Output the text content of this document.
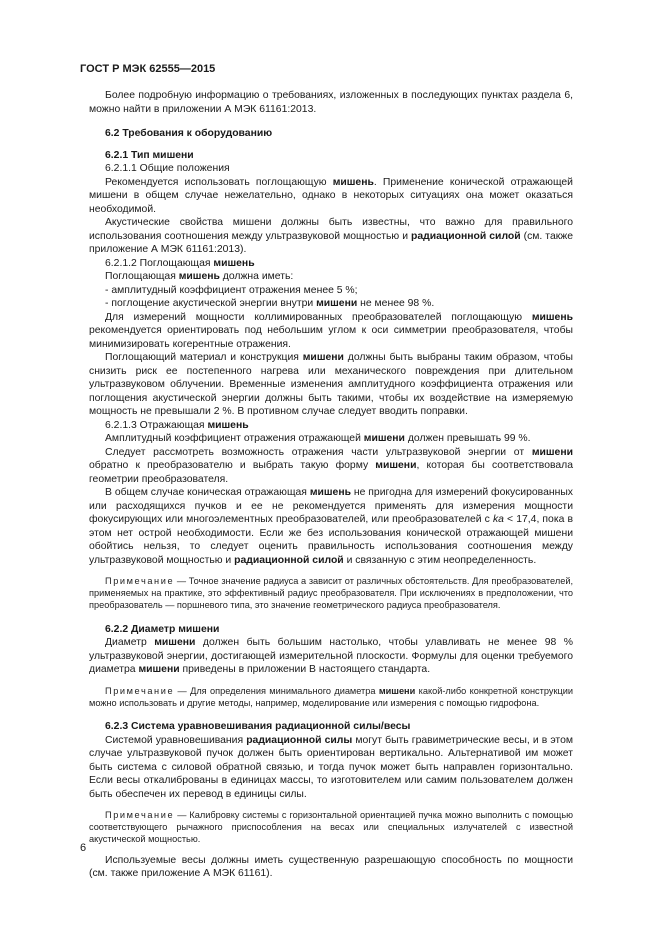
ГОСТ Р МЭК 62555—2015

Более подробную информацию о требованиях, изложенных в последующих пунктах раздела 6, можно найти в приложении А МЭК 61161:2013.

6.2 Требования к оборудованию

6.2.1 Тип мишени

6.2.1.1 Общие положения

Рекомендуется использовать поглощающую мишень. Применение конической отражающей мишени в общем случае нежелательно, однако в некоторых ситуациях она может оказаться необходимой.

Акустические свойства мишени должны быть известны, что важно для правильного использования соотношения между ультразвуковой мощностью и радиационной силой (см. также приложение А МЭК 61161:2013).

6.2.1.2 Поглощающая мишень

Поглощающая мишень должна иметь:

- амплитудный коэффициент отражения менее 5 %;

- поглощение акустической энергии внутри мишени не менее 98 %.

Для измерений мощности коллимированных преобразователей поглощающую мишень рекомендуется ориентировать под небольшим углом к оси симметрии преобразователя, чтобы минимизировать когерентные отражения.

Поглощающий материал и конструкция мишени должны быть выбраны таким образом, чтобы снизить риск ее постепенного нагрева или механического повреждения при длительном ультразвуковом облучении. Временные изменения амплитудного коэффициента отражения или поглощения акустической энергии должны быть такими, чтобы их воздействие на измеряемую мощность не превышали 2 %. В противном случае следует вводить поправки.

6.2.1.3 Отражающая мишень

Амплитудный коэффициент отражения отражающей мишени должен превышать 99 %.

Следует рассмотреть возможность отражения части ультразвуковой энергии от мишени обратно к преобразователю и выбрать такую форму мишени, которая бы соответствовала геометрии преобразователя.

В общем случае коническая отражающая мишень не пригодна для измерений фокусированных или расходящихся пучков и ее не рекомендуется применять для измерения мощности фокусирующих или многоэлементных преобразователей, или преобразователей с ka < 17,4, пока в этом нет острой необходимости. Если же без использования конической отражающей мишени обойтись нельзя, то следует оценить правильность использования соотношения между ультразвуковой мощностью и радиационной силой и связанную с этим неопределенность.

Примечание — Точное значение радиуса a зависит от различных обстоятельств. Для преобразователей, применяемых на практике, это эффективный радиус преобразователя. При исключениях в предположении, что преобразователь — поршневого типа, это значение геометрического радиуса преобразователя.

6.2.2 Диаметр мишени

Диаметр мишени должен быть большим настолько, чтобы улавливать не менее 98 % ультразвуковой энергии, достигающей измерительной плоскости. Формулы для оценки требуемого диаметра мишени приведены в приложении В настоящего стандарта.

Примечание — Для определения минимального диаметра мишени какой-либо конкретной конструкции можно использовать и другие методы, например, моделирование или измерения с помощью гидрофона.

6.2.3 Система уравновешивания радиационной силы/весы

Системой уравновешивания радиационной силы могут быть гравиметрические весы, и в этом случае ультразвуковой пучок должен быть ориентирован вертикально. Альтернативой им может быть система с силовой обратной связью, и тогда пучок может быть направлен горизонтально. Если весы откалиброваны в единицах массы, то изготовителем или самим пользователем должен быть обеспечен их перевод в единицы силы.

Примечание — Калибровку системы с горизонтальной ориентацией пучка можно выполнить с помощью соответствующего рычажного приспособления на весах или специальных излучателей с известной акустической мощностью.

Используемые весы должны иметь существенную разрешающую способность по мощности (см. также приложение А МЭК 61161).

6
